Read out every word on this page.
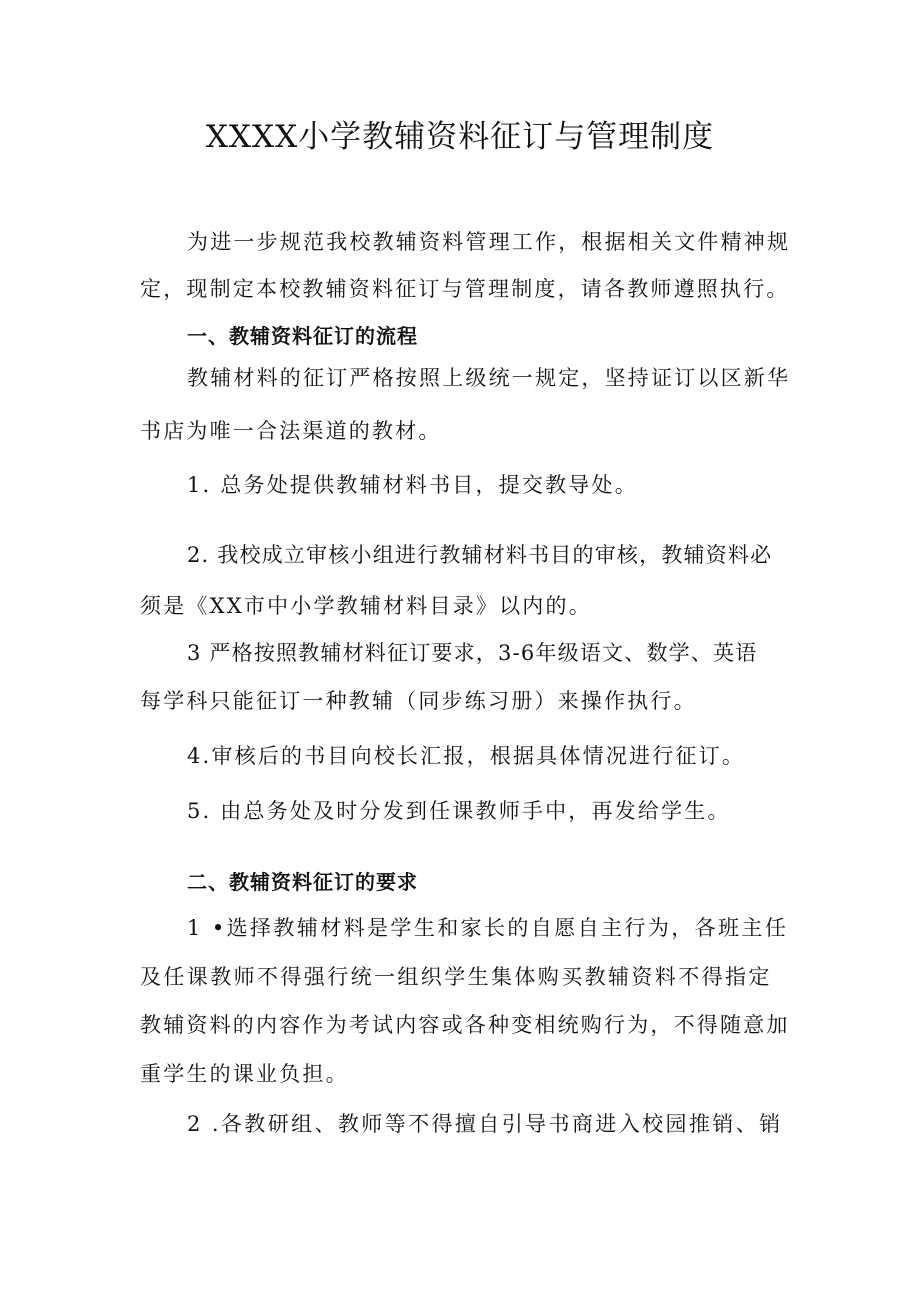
XXXX小学教辅资料征订与管理制度
为进一步规范我校教辅资料管理工作，根据相关文件精神规
定，现制定本校教辅资料征订与管理制度，请各教师遵照执行。
一、教辅资料征订的流程
教辅材料的征订严格按照上级统一规定，坚持证订以区新华
书店为唯一合法渠道的教材。
1. 总务处提供教辅材料书目，提交教导处。
2. 我校成立审核小组进行教辅材料书目的审核，教辅资料必
须是《XX市中小学教辅材料目录》以内的。
3 严格按照教辅材料征订要求，3-6年级语文、数学、英语
每学科只能征订一种教辅（同步练习册）来操作执行。
4.审核后的书目向校长汇报，根据具体情况进行征订。
5. 由总务处及时分发到任课教师手中，再发给学生。
二、教辅资料征订的要求
1 •选择教辅材料是学生和家长的自愿自主行为，各班主任
及任课教师不得强行统一组织学生集体购买教辅资料不得指定
教辅资料的内容作为考试内容或各种变相统购行为，不得随意加
重学生的课业负担。
2 .各教研组、教师等不得擅自引导书商进入校园推销、销
